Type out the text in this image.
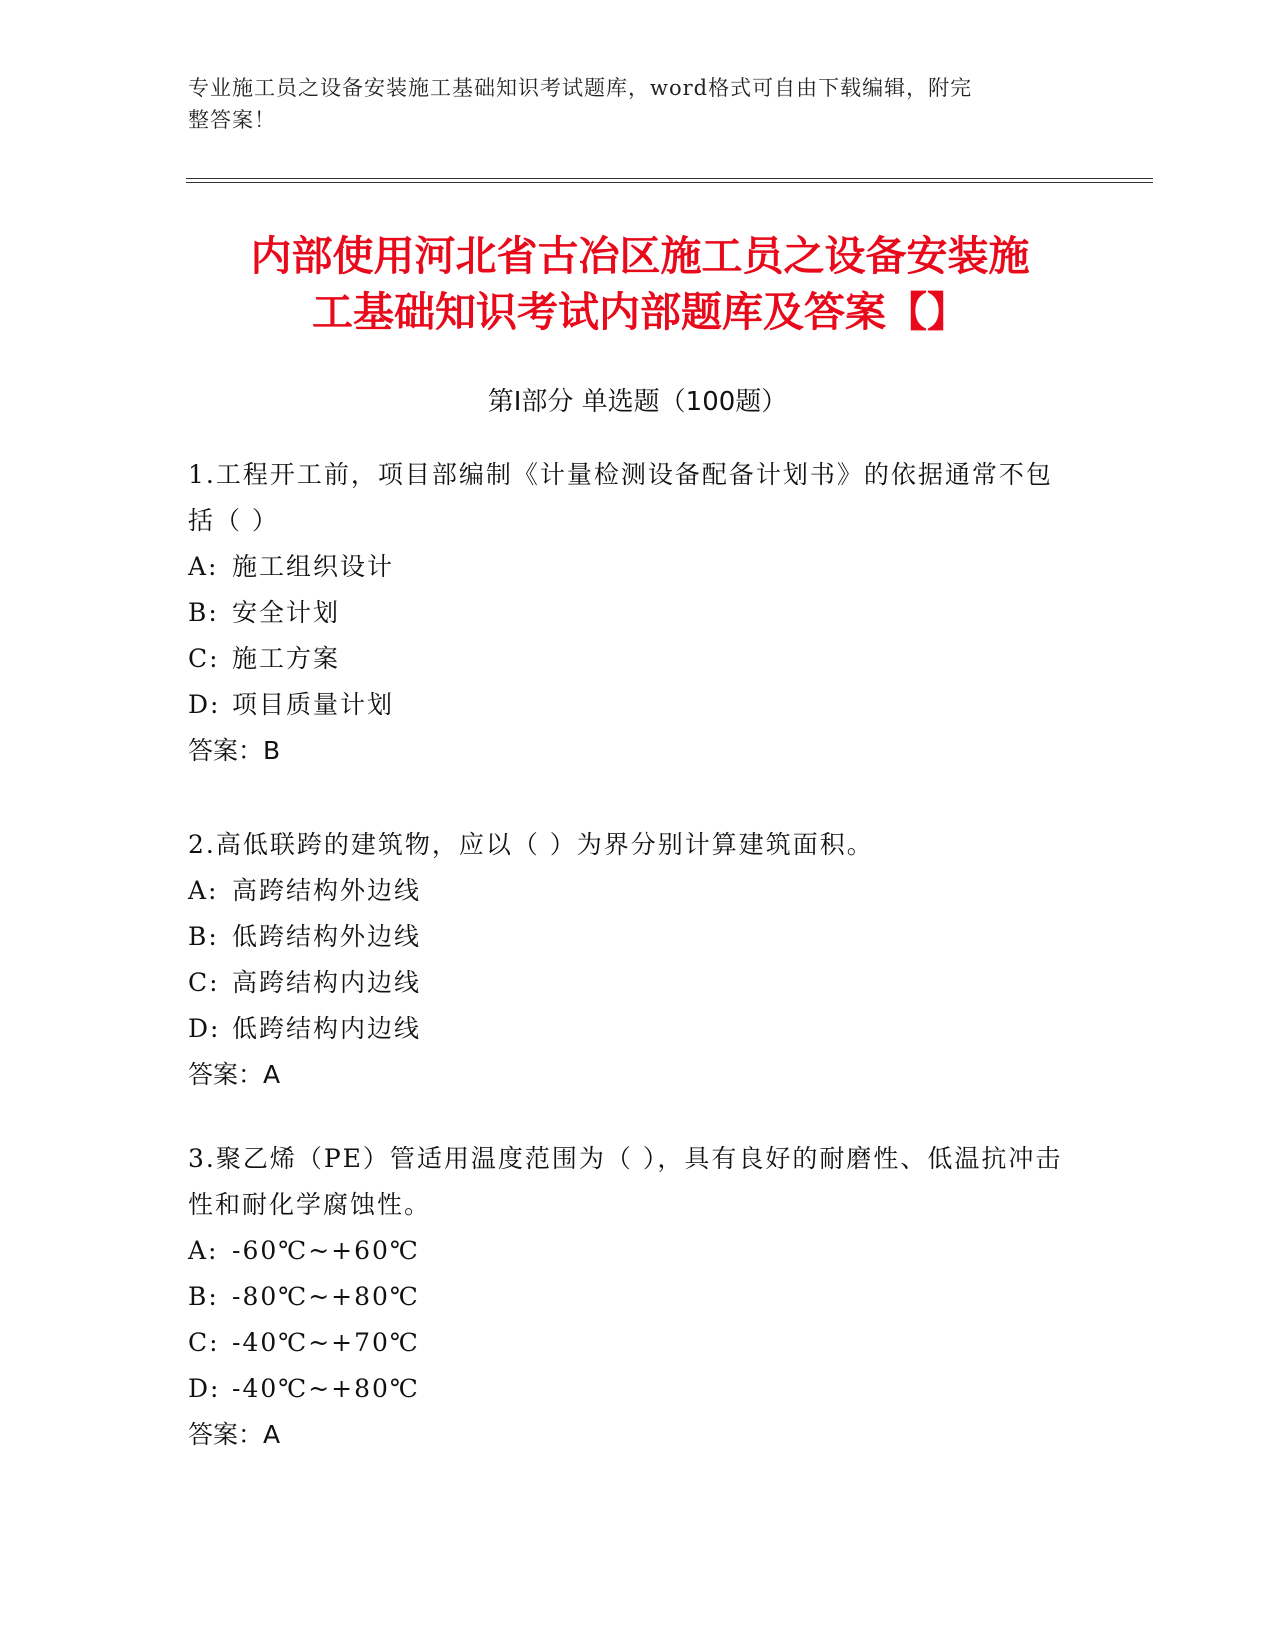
专业施工员之设备安装施工基础知识考试题库，word格式可自由下载编辑，附完
整答案！
内部使用河北省古冶区施工员之设备安装施
工基础知识考试内部题库及答案【】
第Ⅰ部分 单选题（100题）

1.工程开工前，项目部编制《计量检测设备配备计划书》的依据通常不包括（ ）

A: 施工组织设计

B: 安全计划

C: 施工方案

D: 项目质量计划

答案：B

2.高低联跨的建筑物，应以（ ）为界分别计算建筑面积。

A: 高跨结构外边线

B: 低跨结构外边线

C: 高跨结构内边线

D: 低跨结构内边线

答案：A

3.聚乙烯（PE）管适用温度范围为（ ），具有良好的耐磨性、低温抗冲击性和耐化学腐蚀性。

A: -60℃~+60℃

B: -80℃~+80℃

C: -40℃~+70℃

D: -40℃~+80℃

答案：A
